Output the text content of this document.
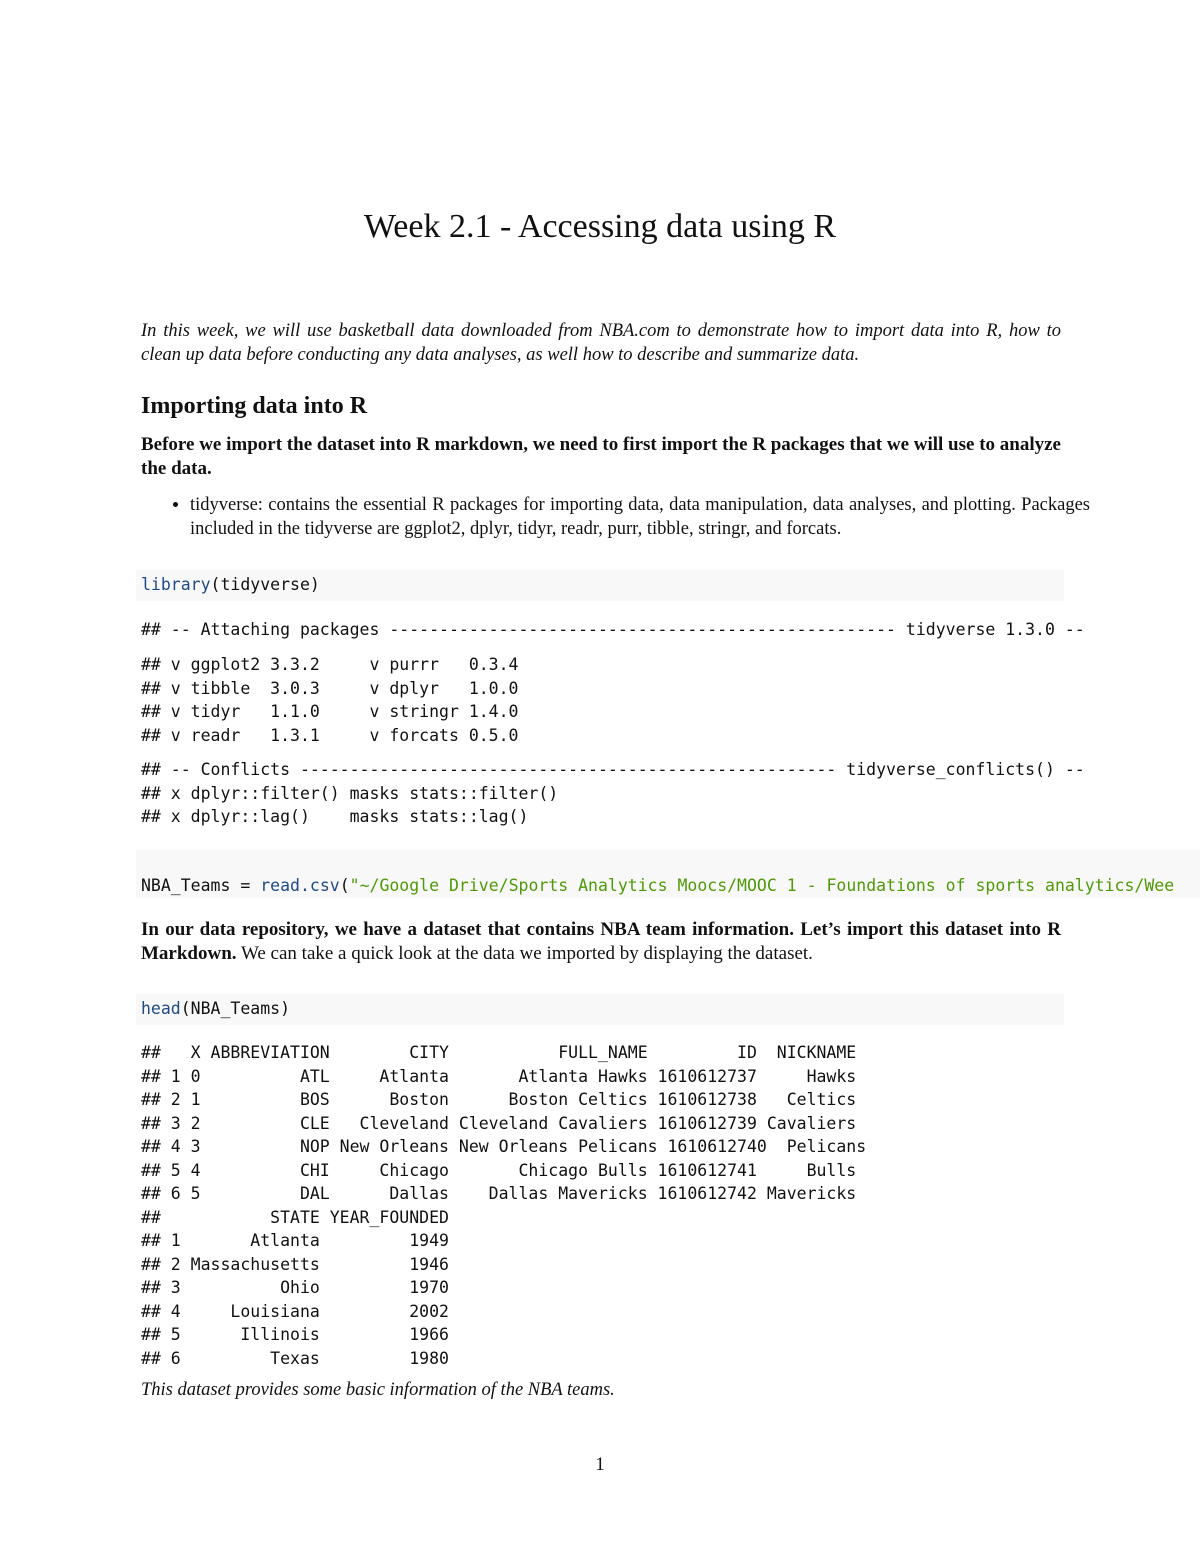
Week 2.1 - Accessing data using R
In this week, we will use basketball data downloaded from NBA.com to demonstrate how to import data into R, how to clean up data before conducting any data analyses, as well how to describe and summarize data.
Importing data into R
Before we import the dataset into R markdown, we need to first import the R packages that we will use to analyze the data.
• tidyverse: contains the essential R packages for importing data, data manipulation, data analyses, and plotting. Packages included in the tidyverse are ggplot2, dplyr, tidyr, readr, purr, tibble, stringr, and forcats.
library(tidyverse)
## -- Attaching packages --------------------------------------------------- tidyverse 1.3.0 --
## v ggplot2 3.3.2     v purrr   0.3.4
## v tibble  3.0.3     v dplyr   1.0.0
## v tidyr   1.1.0     v stringr 1.4.0
## v readr   1.3.1     v forcats 0.5.0
## -- Conflicts ------------------------------------------------------ tidyverse_conflicts() --
## x dplyr::filter() masks stats::filter()
## x dplyr::lag()    masks stats::lag()
NBA_Teams = read.csv("~/Google Drive/Sports Analytics Moocs/MOOC 1 - Foundations of sports analytics/Wee
In our data repository, we have a dataset that contains NBA team information. Let’s import this dataset into R Markdown. We can take a quick look at the data we imported by displaying the dataset.
head(NBA_Teams)
##   X ABBREVIATION        CITY           FULL_NAME         ID  NICKNAME
## 1 0          ATL     Atlanta       Atlanta Hawks 1610612737     Hawks
## 2 1          BOS      Boston      Boston Celtics 1610612738   Celtics
## 3 2          CLE   Cleveland Cleveland Cavaliers 1610612739 Cavaliers
## 4 3          NOP New Orleans New Orleans Pelicans 1610612740  Pelicans
## 5 4          CHI     Chicago       Chicago Bulls 1610612741     Bulls
## 6 5          DAL      Dallas    Dallas Mavericks 1610612742 Mavericks
##           STATE YEAR_FOUNDED
## 1       Atlanta         1949
## 2 Massachusetts         1946
## 3          Ohio         1970
## 4     Louisiana         2002
## 5      Illinois         1966
## 6         Texas         1980
This dataset provides some basic information of the NBA teams.
1
